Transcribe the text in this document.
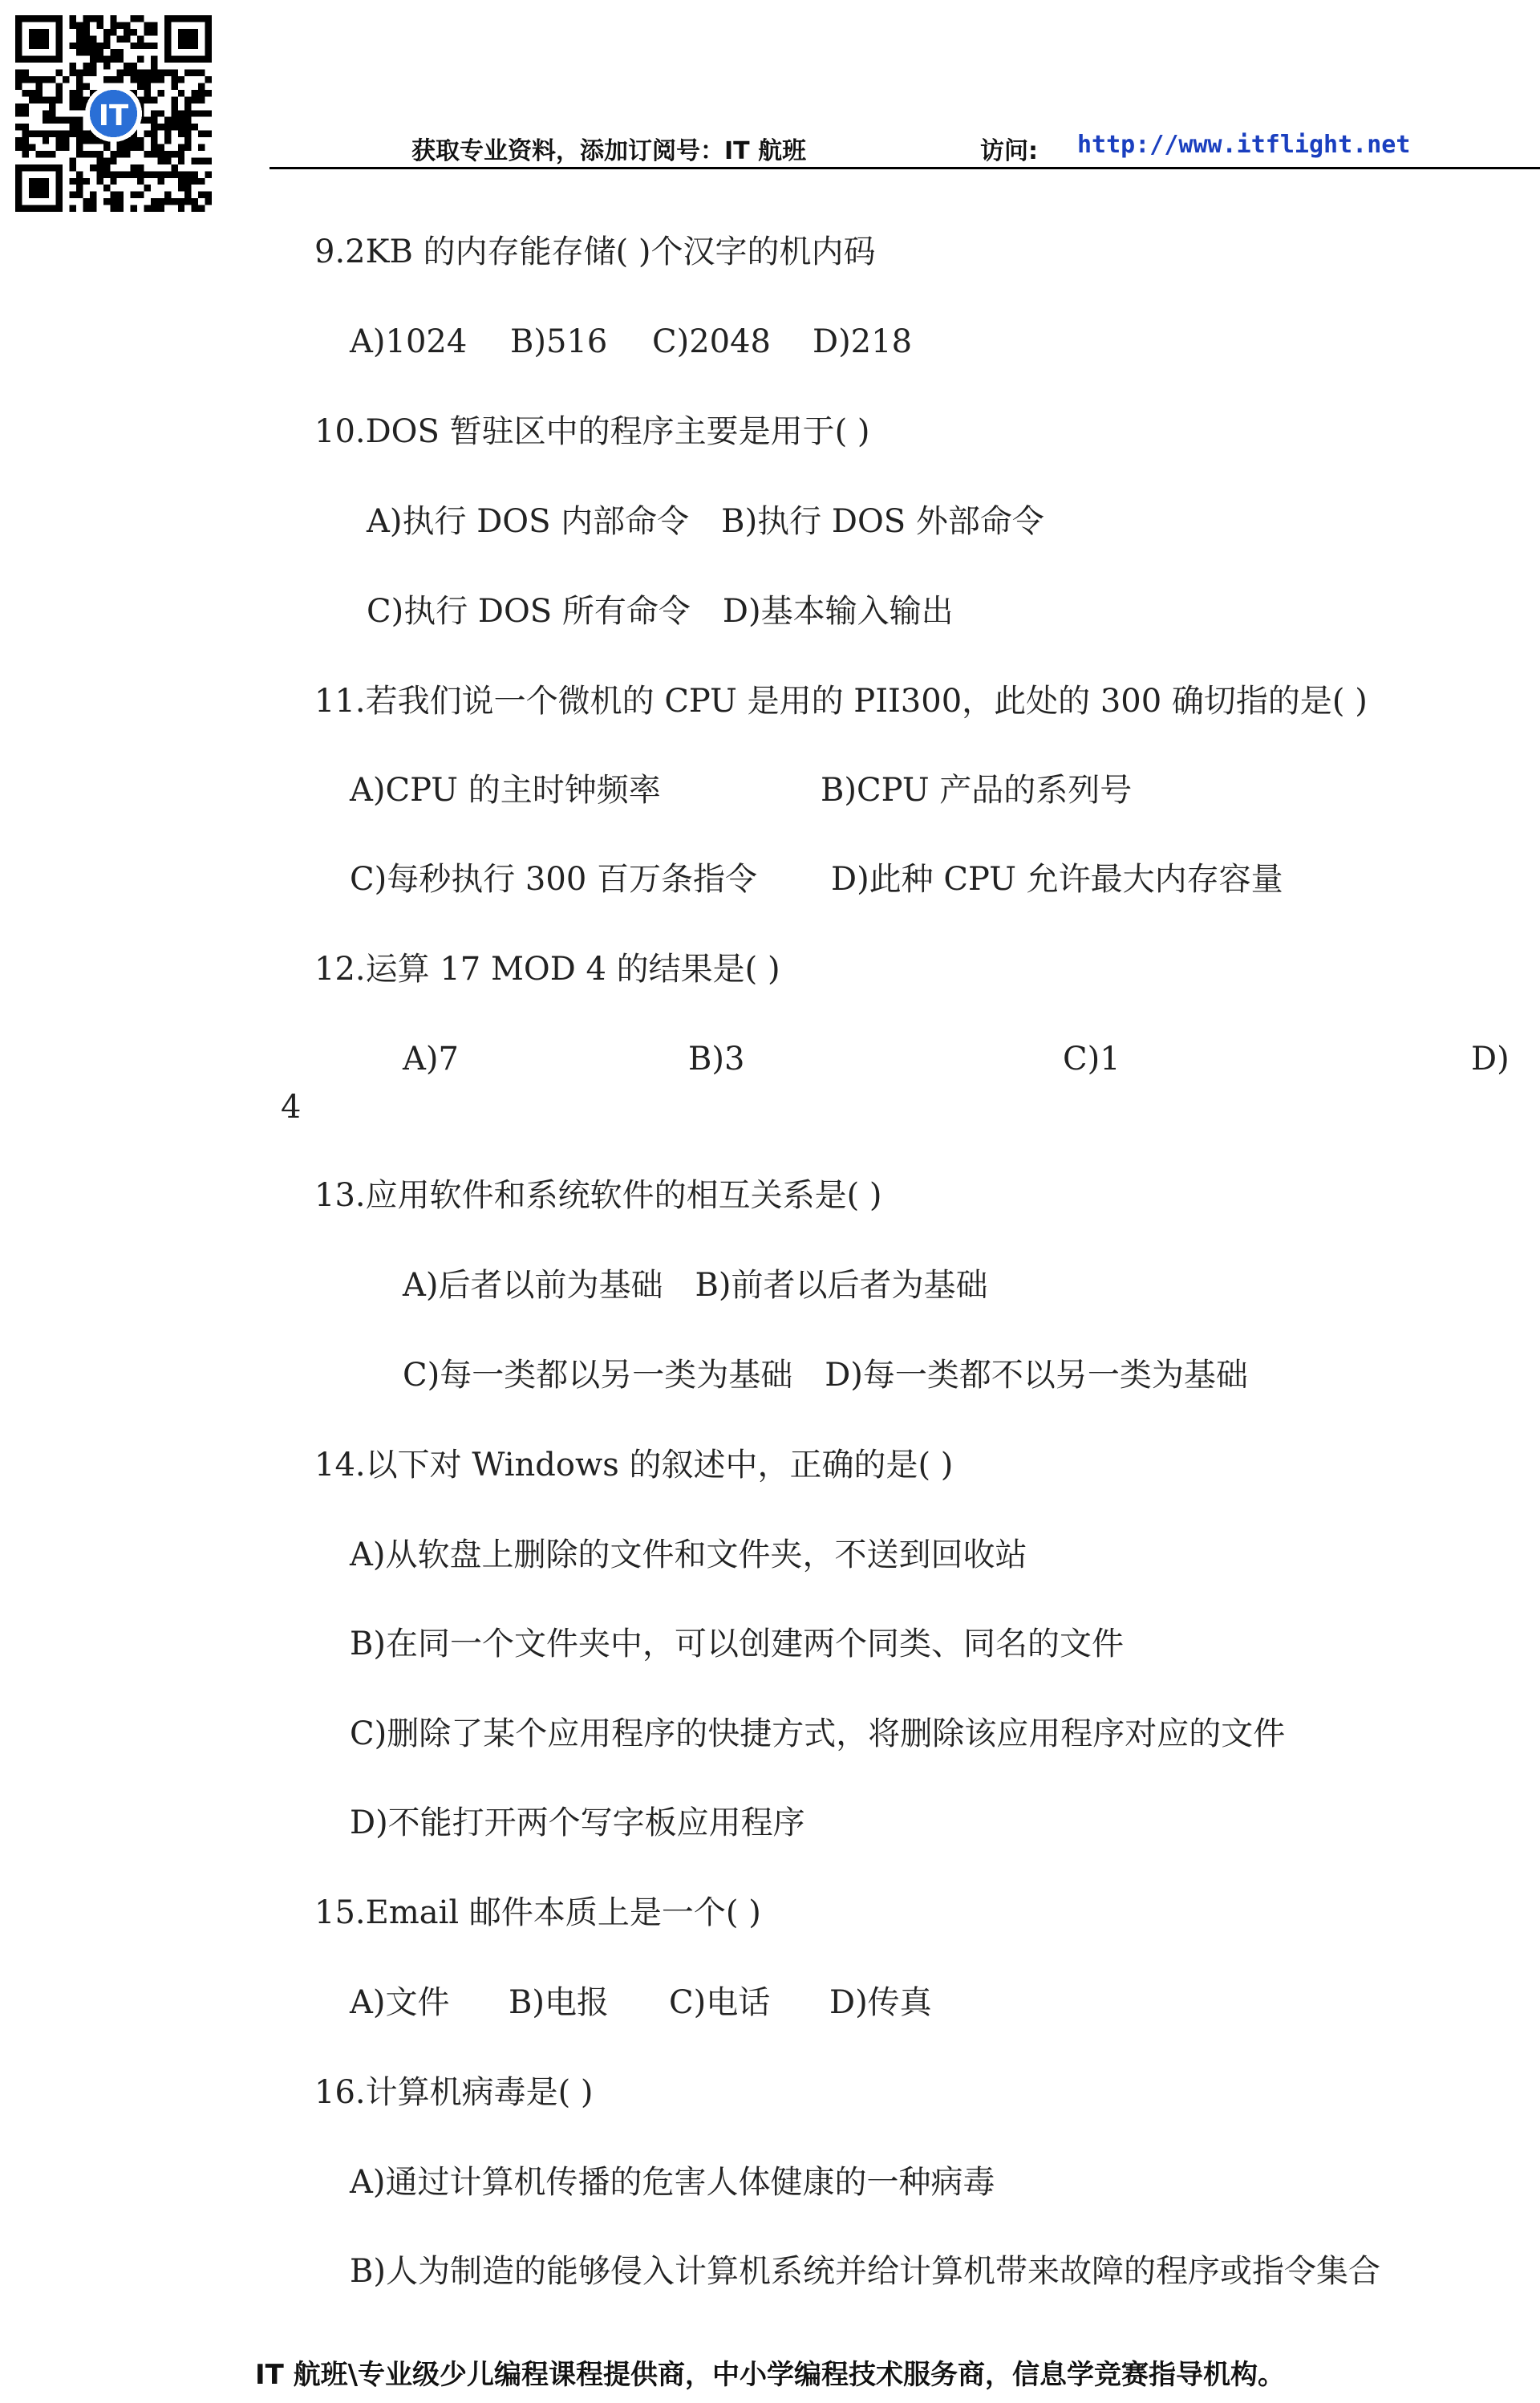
IT
获取专业资料，添加订阅号：IT 航班	访问: http://www.itflight.net
9.2KB 的内存能存储( )个汉字的机内码
A)1024 B)516 C)2048 D)218
10.DOS 暂驻区中的程序主要是用于( )
A)执行 DOS 内部命令　B)执行 DOS 外部命令
C)执行 DOS 所有命令　D)基本输入输出
11.若我们说一个微机的 CPU 是用的 PII300，此处的 300 确切指的是( )
A)CPU 的主时钟频率	B)CPU 产品的系列号
C)每秒执行 300 百万条指令 D)此种 CPU 允许最大内存容量
12.运算 17 MOD 4 的结果是( )
A)7	B)3	C)1	D)
4
13.应用软件和系统软件的相互关系是( )
A)后者以前为基础　B)前者以后者为基础
C)每一类都以另一类为基础　D)每一类都不以另一类为基础
14.以下对 Windows 的叙述中，正确的是( )
A)从软盘上删除的文件和文件夹，不送到回收站
B)在同一个文件夹中，可以创建两个同类、同名的文件
C)删除了某个应用程序的快捷方式，将删除该应用程序对应的文件
D)不能打开两个写字板应用程序
15.Email 邮件本质上是一个( )
A)文件 B)电报 C)电话 D)传真
16.计算机病毒是( )
A)通过计算机传播的危害人体健康的一种病毒
B)人为制造的能够侵入计算机系统并给计算机带来故障的程序或指令集合
IT 航班\专业级少儿编程课程提供商，中小学编程技术服务商，信息学竞赛指导机构。
